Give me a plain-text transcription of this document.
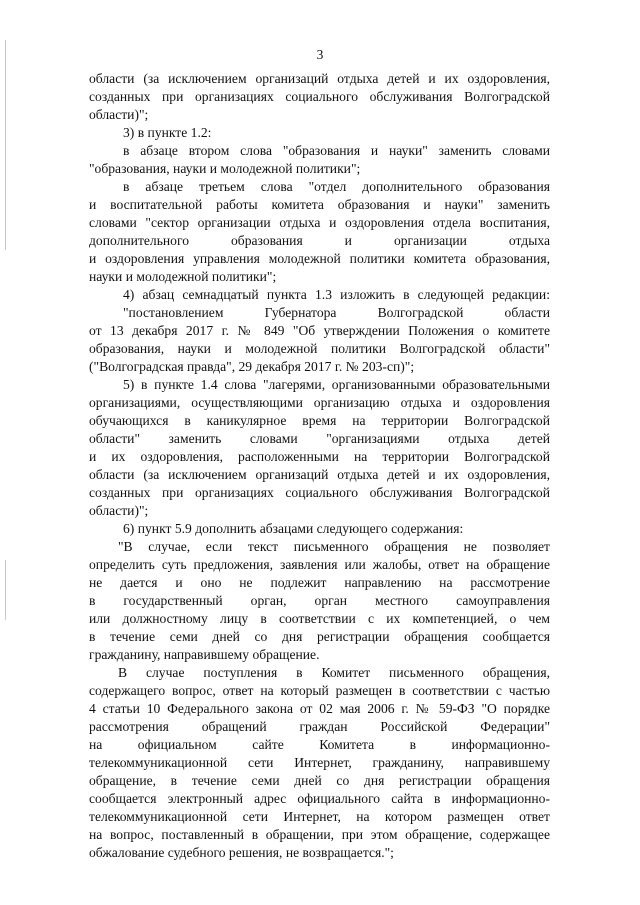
3
области (за исключением организаций отдыха детей и их оздоровления,
созданных при организациях социального обслуживания Волгоградской
области)";
3) в пункте 1.2:
в абзаце втором слова "образования и науки" заменить словами
"образования, науки и молодежной политики";
в абзаце третьем слова "отдел дополнительного образования
и воспитательной работы комитета образования и науки" заменить
словами "сектор организации отдыха и оздоровления отдела воспитания,
дополнительного образования и организации отдыха
и оздоровления управления молодежной политики комитета образования,
науки и молодежной политики";
4) абзац семнадцатый пункта 1.3 изложить в следующей редакции:
"постановлением Губернатора Волгоградской области
от 13 декабря 2017 г. № 849 "Об утверждении Положения о комитете
образования, науки и молодежной политики Волгоградской области"
("Волгоградская правда", 29 декабря 2017 г. № 203-сп)";
5) в пункте 1.4 слова "лагерями, организованными образовательными
организациями, осуществляющими организацию отдыха и оздоровления
обучающихся в каникулярное время на территории Волгоградской
области" заменить словами "организациями отдыха детей
и их оздоровления, расположенными на территории Волгоградской
области (за исключением организаций отдыха детей и их оздоровления,
созданных при организациях социального обслуживания Волгоградской
области)";
6) пункт 5.9 дополнить абзацами следующего содержания:
"В случае, если текст письменного обращения не позволяет
определить суть предложения, заявления или жалобы, ответ на обращение
не дается и оно не подлежит направлению на рассмотрение
в государственный орган, орган местного самоуправления
или должностному лицу в соответствии с их компетенцией, о чем
в течение семи дней со дня регистрации обращения сообщается
гражданину, направившему обращение.
В случае поступления в Комитет письменного обращения,
содержащего вопрос, ответ на который размещен в соответствии с частью
4 статьи 10 Федерального закона от 02 мая 2006 г. № 59-ФЗ "О порядке
рассмотрения обращений граждан Российской Федерации"
на официальном сайте Комитета в информационно-
телекоммуникационной сети Интернет, гражданину, направившему
обращение, в течение семи дней со дня регистрации обращения
сообщается электронный адрес официального сайта в информационно-
телекоммуникационной сети Интернет, на котором размещен ответ
на вопрос, поставленный в обращении, при этом обращение, содержащее
обжалование судебного решения, не возвращается.";
